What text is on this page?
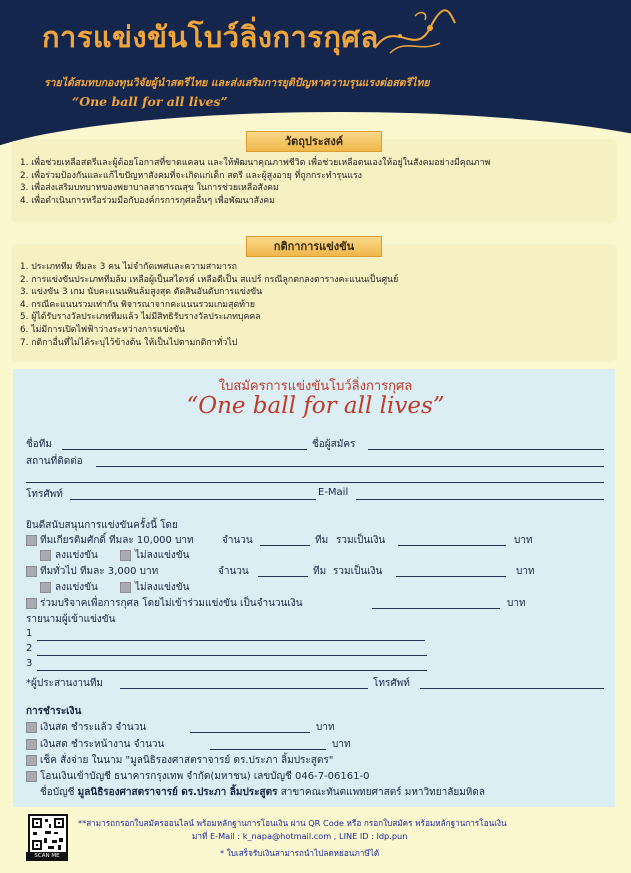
การแข่งขันโบว์ลิ่งการกุศล
รายได้สมทบกองทุนวิจัยผู้นำสตรีไทย และส่งเสริมการยุติปัญหาความรุนแรงต่อสตรีไทย
“One ball for all lives”
วัตถุประสงค์
1. เพื่อช่วยเหลือสตรีและผู้ด้อยโอกาสที่ขาดแคลน และให้พัฒนาคุณภาพชีวิต เพื่อช่วยเหลือตนเองให้อยู่ในสังคมอย่างมีคุณภาพ
2. เพื่อร่วมป้องกันและแก้ไขปัญหาสังคมที่จะเกิดแก่เด็ก สตรี และผู้สูงอายุ ที่ถูกกระทำรุนแรง
3. เพื่อส่งเสริมบทบาทของพยาบาลสาธารณสุข ในการช่วยเหลือสังคม
4. เพื่อดำเนินการหรือร่วมมือกับองค์กรการกุศลอื่นๆ เพื่อพัฒนาสังคม
กติกาการแข่งขัน
1. ประเภททีม ทีมละ 3 คน ไม่จำกัดเพศและความสามารถ
2. การแข่งขันประเภททีมล้ม เหลือผู้เป็นสไตรค์ เหลือดีเป็น สแปร์ กรณีลูกตกลงตารางคะแนนเป็นศูนย์
3. แข่งขัน 3 เกม นับคะแนนพินล้มสูงสุด ตัดสินอันดับการแข่งขัน
4. กรณีคะแนนรวมเท่ากัน พิจารณาจากคะแนนรวมเกมสุดท้าย
5. ผู้ได้รับรางวัลประเภททีมแล้ว ไม่มีสิทธิรับรางวัลประเภทบุคคล
6. ไม่มีการเปิดไฟฟ้าว่างระหว่างการแข่งขัน
7. กติกาอื่นที่ไม่ได้ระบุไว้ข้างต้น ให้เป็นไปตามกติกาทั่วไป
ใบสมัครการแข่งขันโบว์ลิ่งการกุศล
“One ball for all lives”
ชื่อทีม	ชื่อผู้สมัคร
สถานที่ติดต่อ
โทรศัพท์	E-Mail
ยินดีสนับสนุนการแข่งขันครั้งนี้ โดย
ทีมเกียรติมศักดิ์ ทีมละ 10,000 บาท	จำนวน	ทีม รวมเป็นเงิน	บาท
ลงแข่งขัน	ไม่ลงแข่งขัน
ทีมทั่วไป ทีมละ 3,000 บาท	จำนวน	ทีม รวมเป็นเงิน	บาท
ลงแข่งขัน	ไม่ลงแข่งขัน
ร่วมบริจาคเพื่อการกุศล โดยไม่เข้าร่วมแข่งขัน เป็นจำนวนเงิน	บาท
รายนามผู้เข้าแข่งขัน
1
2
3
*ผู้ประสานงานทีม	โทรศัพท์
การชำระเงิน
เงินสด ชำระแล้ว จำนวน	บาท
เงินสด ชำระหน้างาน จำนวน	บาท
เช็ค สั่งจ่าย ในนาม "มูลนิธิรองศาสตราจารย์ ดร.ประภา ลิ้มประสูตร"
โอนเงินเข้าบัญชี ธนาคารกรุงเทพ จำกัด(มหาชน) เลขบัญชี 046-7-06161-0
ชื่อบัญชี มูลนิธิรองศาสตราจารย์ ดร.ประภา ลิ้มประสูตร สาขาคณะทันตแพทยศาสตร์ มหาวิทยาลัยมหิดล
SCAN ME
**สามารถกรอกใบสมัครออนไลน์ พร้อมหลักฐานการโอนเงิน ผ่าน QR Code หรือ กรอกใบสมัคร พร้อมหลักฐานการโอนเงิน
มาที่ E-Mail : k_napa@hotmail.com , LINE ID : ldp.pun
* ใบเสร็จรับเงินสามารถนำไปลดหย่อนภาษีได้
